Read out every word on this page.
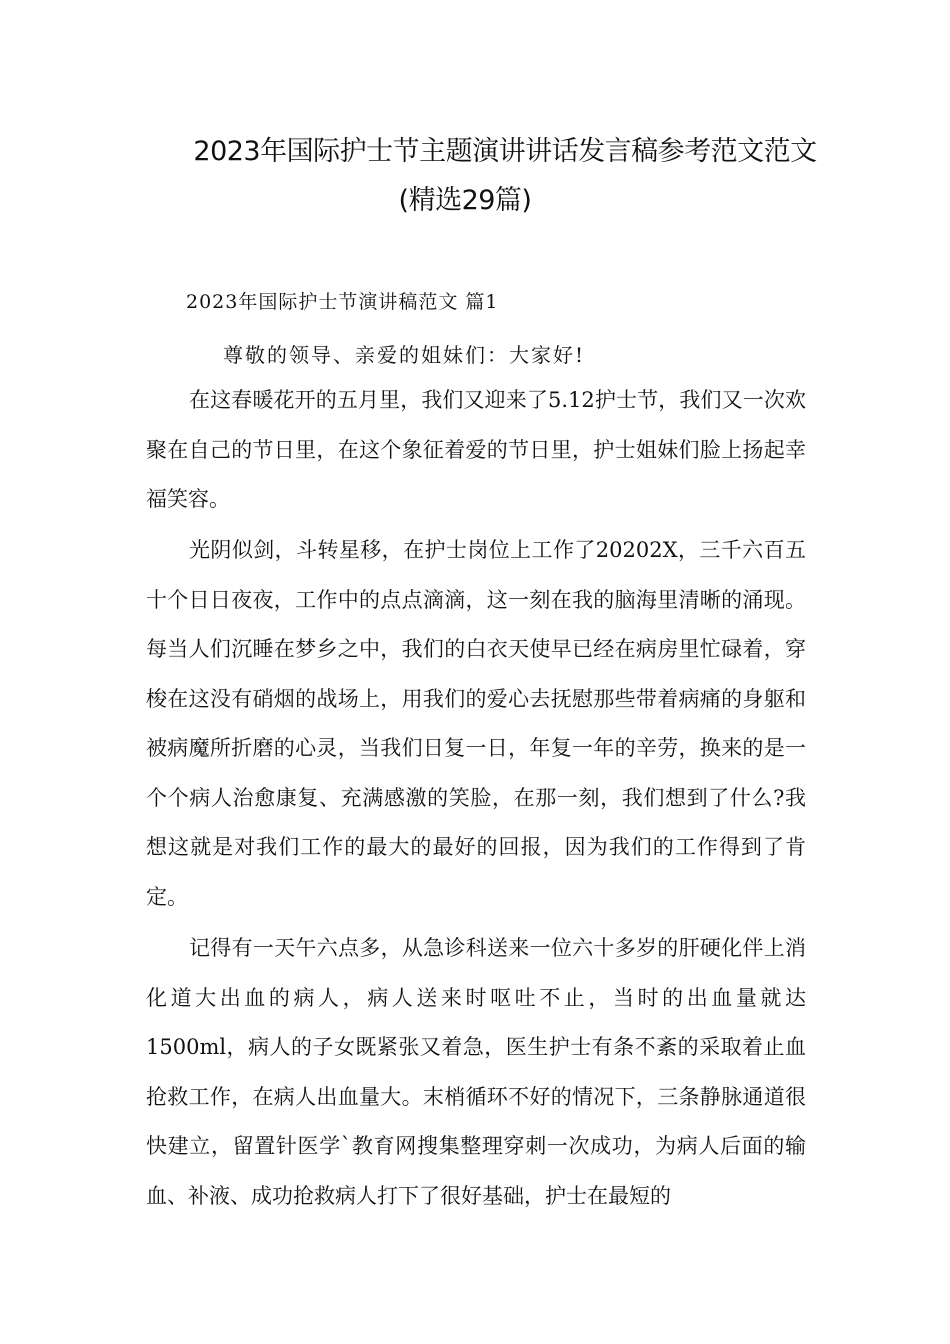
2023年国际护士节主题演讲讲话发言稿参考范文范文
(精选29篇)
2023年国际护士节演讲稿范文 篇1
尊敬的领导、亲爱的姐妹们：大家好!

在这春暖花开的五月里，我们又迎来了5.12护士节，我们又一次欢聚在自己的节日里，在这个象征着爱的节日里，护士姐妹们脸上扬起幸福笑容。

光阴似剑，斗转星移，在护士岗位上工作了20202X，三千六百五十个日日夜夜，工作中的点点滴滴，这一刻在我的脑海里清晰的涌现。每当人们沉睡在梦乡之中，我们的白衣天使早已经在病房里忙碌着，穿梭在这没有硝烟的战场上，用我们的爱心去抚慰那些带着病痛的身躯和被病魔所折磨的心灵，当我们日复一日，年复一年的辛劳，换来的是一个个病人治愈康复、充满感激的笑脸，在那一刻，我们想到了什么?我想这就是对我们工作的最大的最好的回报，因为我们的工作得到了肯定。

记得有一天午六点多，从急诊科送来一位六十多岁的肝硬化伴上消化道大出血的病人，病人送来时呕吐不止，当时的出血量就达1500ml，病人的子女既紧张又着急，医生护士有条不紊的采取着止血抢救工作，在病人出血量大。末梢循环不好的情况下，三条静脉通道很快建立，留置针医学`教育网搜集整理穿刺一次成功，为病人后面的输血、补液、成功抢救病人打下了很好基础，护士在最短的
